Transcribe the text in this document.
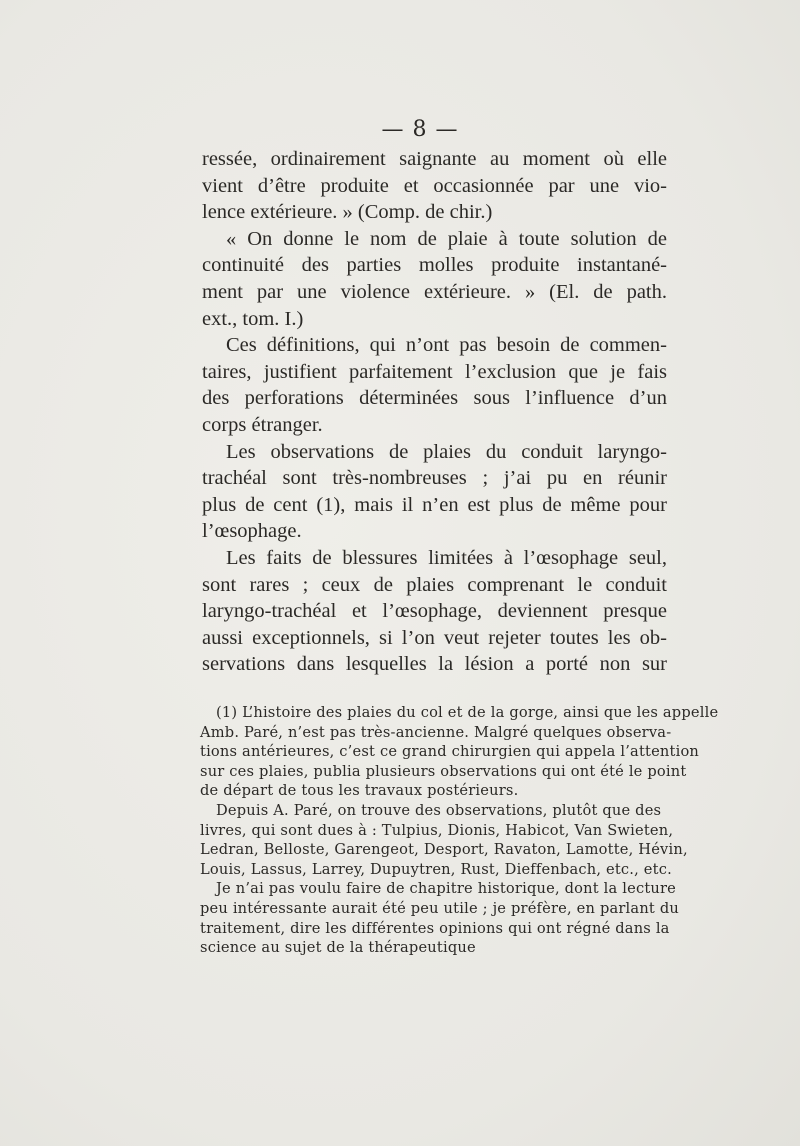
— 8 —
ressée, ordinairement saignante au moment où elle
vient d’être produite et occasionnée par une vio-
lence extérieure. » (Comp. de chir.)
« On donne le nom de plaie à toute solution de
continuité des parties molles produite instantané-
ment par une violence extérieure. » (El. de path.
ext., tom. I.)
Ces définitions, qui n’ont pas besoin de commen-
taires, justifient parfaitement l’exclusion que je fais
des perforations déterminées sous l’influence d’un
corps étranger.
Les observations de plaies du conduit laryngo-
trachéal sont très-nombreuses ; j’ai pu en réunir
plus de cent (1), mais il n’en est plus de même pour
l’œsophage.
Les faits de blessures limitées à l’œsophage seul,
sont rares ; ceux de plaies comprenant le conduit
laryngo-trachéal et l’œsophage, deviennent presque
aussi exceptionnels, si l’on veut rejeter toutes les ob-
servations dans lesquelles la lésion a porté non sur
(1) L’histoire des plaies du col et de la gorge, ainsi que les appelle
Amb. Paré, n’est pas très-ancienne. Malgré quelques observa-
tions antérieures, c’est ce grand chirurgien qui appela l’attention
sur ces plaies, publia plusieurs observations qui ont été le point
de départ de tous les travaux postérieurs.
Depuis A. Paré, on trouve des observations, plutôt que des
livres, qui sont dues à : Tulpius, Dionis, Habicot, Van Swieten,
Ledran, Belloste, Garengeot, Desport, Ravaton, Lamotte, Hévin,
Louis, Lassus, Larrey, Dupuytren, Rust, Dieffenbach, etc., etc.
Je n’ai pas voulu faire de chapitre historique, dont la lecture
peu intéressante aurait été peu utile ; je préfère, en parlant du
traitement, dire les différentes opinions qui ont régné dans la
science au sujet de la thérapeutique
